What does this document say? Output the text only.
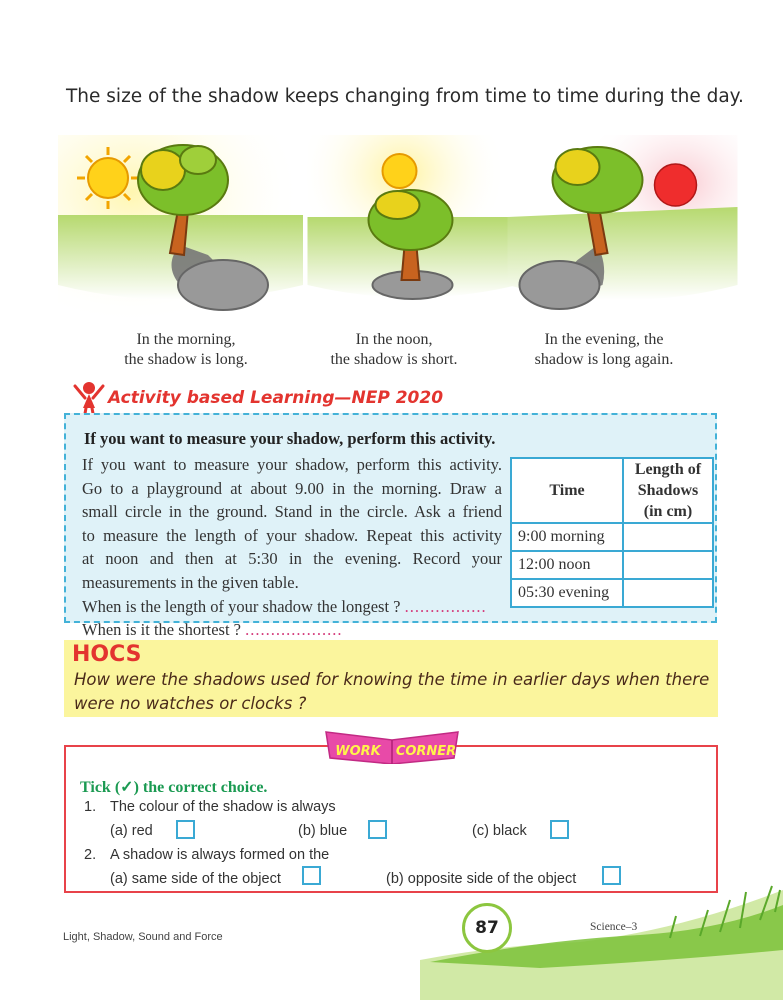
The size of the shadow keeps changing from time to time during the day.
In the morning,
the shadow is long.
In the noon,
the shadow is short.
In the evening, the
shadow is long again.
Activity based Learning—NEP 2020
If you want to measure your shadow, perform this activity.

If you want to measure your shadow, perform this activity.

Go to a playground at about 9.00 in the morning. Draw a

small circle in the ground. Stand in the circle. Ask a friend

to measure the length of your shadow. Repeat this activity

at noon and then at 5:30 in the evening. Record your

measurements in the given table.

When is the length of your shadow the longest ? ................

When is it the shortest ? ...................

Time	Length of
Shadows
(in cm)

9:00 morning	
12:00 noon	
05:30 evening	
HOCS
How were the shadows used for knowing the time in earlier days when there were no watches or clocks ?
Tick (✓) the correct choice.
1. The colour of the shadow is always
(a) red	(b) blue	(c) black
2. A shadow is always formed on the
(a) same side of the object	(b) opposite side of the object
WORK CORNER
Light, Shadow, Sound and Force	87	Science–3
